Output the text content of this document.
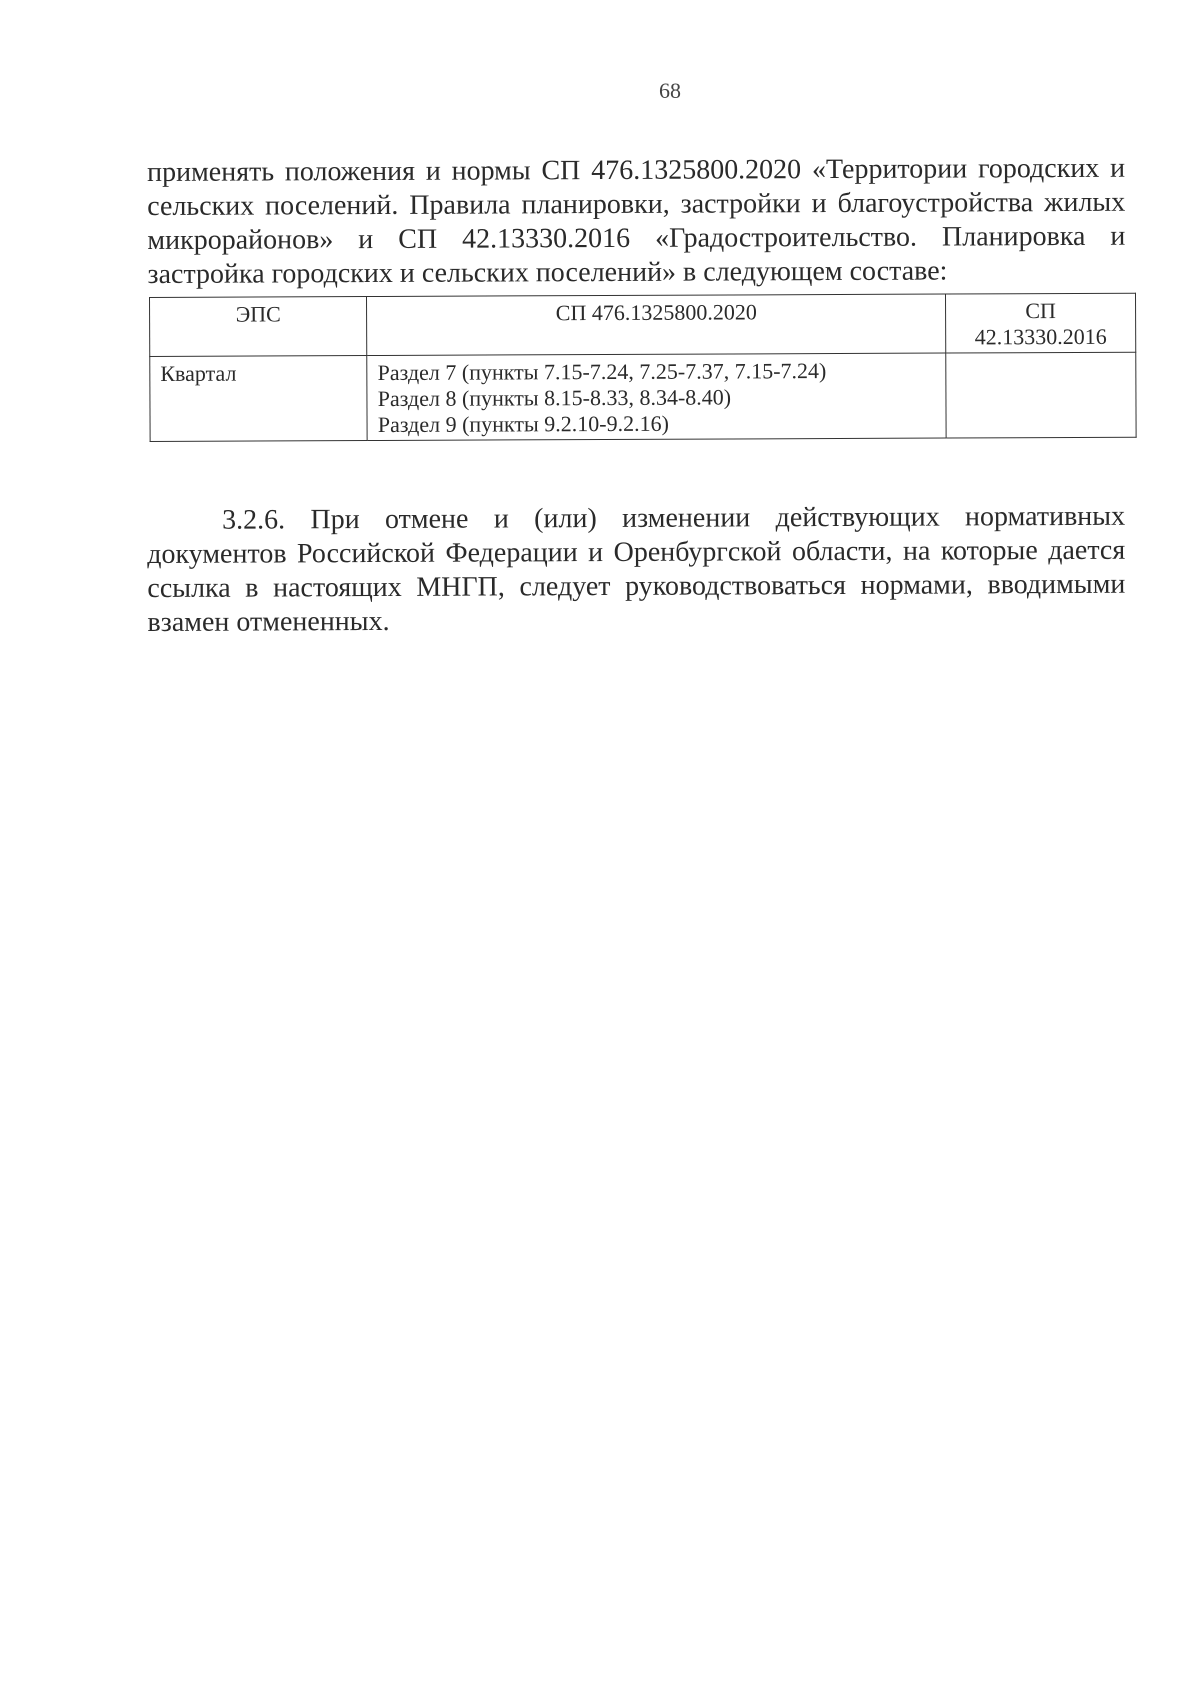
68

применять положения и нормы СП 476.1325800.2020 «Территории городских и сельских поселений. Правила планировки, застройки и благоустройства жилых микрорайонов» и СП 42.13330.2016 «Градостроительство. Планировка и застройка городских и сельских поселений» в следующем составе:

ЭПС	СП 476.1325800.2020	СП
42.13330.2016

Квартал	Раздел 7 (пункты 7.15-7.24, 7.25-7.37, 7.15-7.24)
Раздел 8 (пункты 8.15-8.33, 8.34-8.40)
Раздел 9 (пункты 9.2.10-9.2.16)	

3.2.6. При отмене и (или) изменении действующих нормативных документов Российской Федерации и Оренбургской области, на которые дается ссылка в настоящих МНГП, следует руководствоваться нормами, вводимыми взамен отмененных.
